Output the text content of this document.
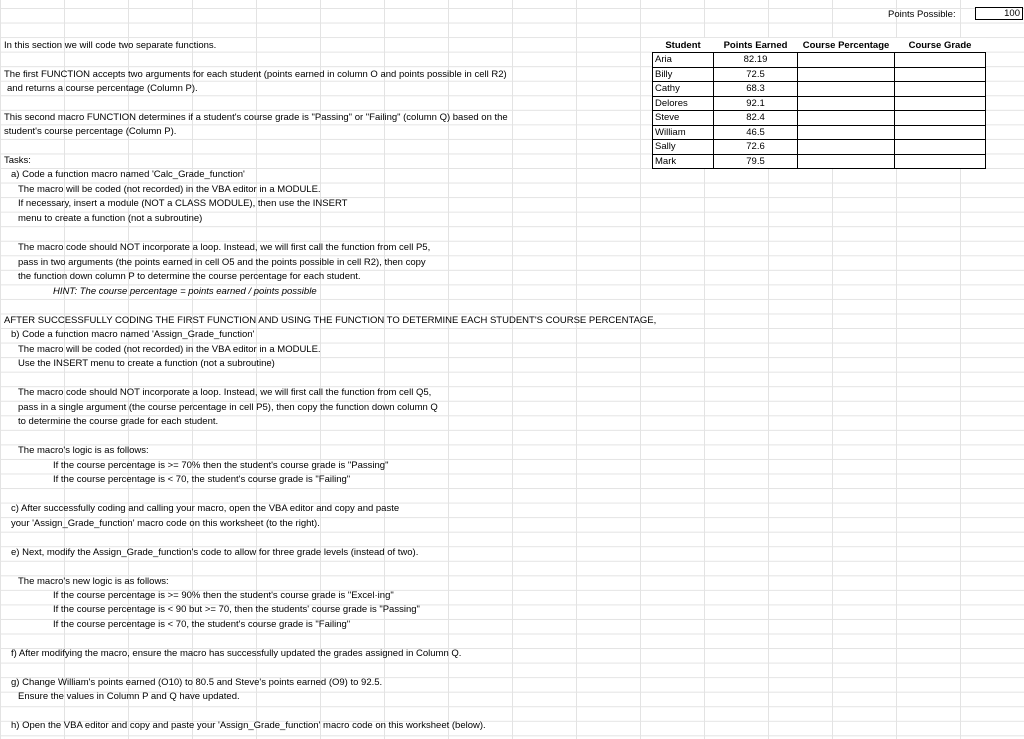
Points Possible:	100
In this section we will code two separate functions.
The first FUNCTION accepts two arguments for each student (points earned in column O and points possible in cell R2)
and returns a course percentage (Column P).
This second macro FUNCTION determines if a student's course grade is "Passing" or "Failing" (column Q) based on the
student's course percentage (Column P).
Tasks:
a) Code a function macro named 'Calc_Grade_function'
The macro will be coded (not recorded) in the VBA editor in a MODULE.
If necessary, insert a module (NOT a CLASS MODULE), then use the INSERT
menu to create a function (not a subroutine)
The macro code should NOT incorporate a loop. Instead, we will first call the function from cell P5,
pass in two arguments (the points earned in cell O5 and the points possible in cell R2), then copy
the function down column P to determine the course percentage for each student.
HINT: The course percentage = points earned / points possible
AFTER SUCCESSFULLY CODING THE FIRST FUNCTION AND USING THE FUNCTION TO DETERMINE EACH STUDENT'S COURSE PERCENTAGE,
b) Code a function macro named 'Assign_Grade_function'
The macro will be coded (not recorded) in the VBA editor in a MODULE.
Use the INSERT menu to create a function (not a subroutine)
The macro code should NOT incorporate a loop. Instead, we will first call the function from cell Q5,
pass in a single argument (the course percentage in cell P5), then copy the function down column Q
to determine the course grade for each student.
The macro's logic is as follows:
If the course percentage is >= 70% then the student's course grade is "Passing"
If the course percentage is < 70, the student's course grade is "Failing"
c) After successfully coding and calling your macro, open the VBA editor and copy and paste
your 'Assign_Grade_function' macro code on this worksheet (to the right).
e) Next, modify the Assign_Grade_function's code to allow for three grade levels (instead of two).
The macro's new logic is as follows:
If the course percentage is >= 90% then the student's course grade is "Excel·ing"
If the course percentage is < 90 but >= 70, then the students' course grade is "Passing"
If the course percentage is < 70, the student's course grade is "Failing"
f) After modifying the macro, ensure the macro has successfully updated the grades assigned in Column Q.
g) Change William's points earned (O10) to 80.5 and Steve's points earned (O9) to 92.5.
Ensure the values in Column P and Q have updated.
h) Open the VBA editor and copy and paste your 'Assign_Grade_function' macro code on this worksheet (below).
Student	Points Earned	Course Percentage	Course Grade
Aria	82.19		
Billy	72.5		
Cathy	68.3		
Delores	92.1		
Steve	82.4		
William	46.5		
Sally	72.6		
Mark	79.5		
